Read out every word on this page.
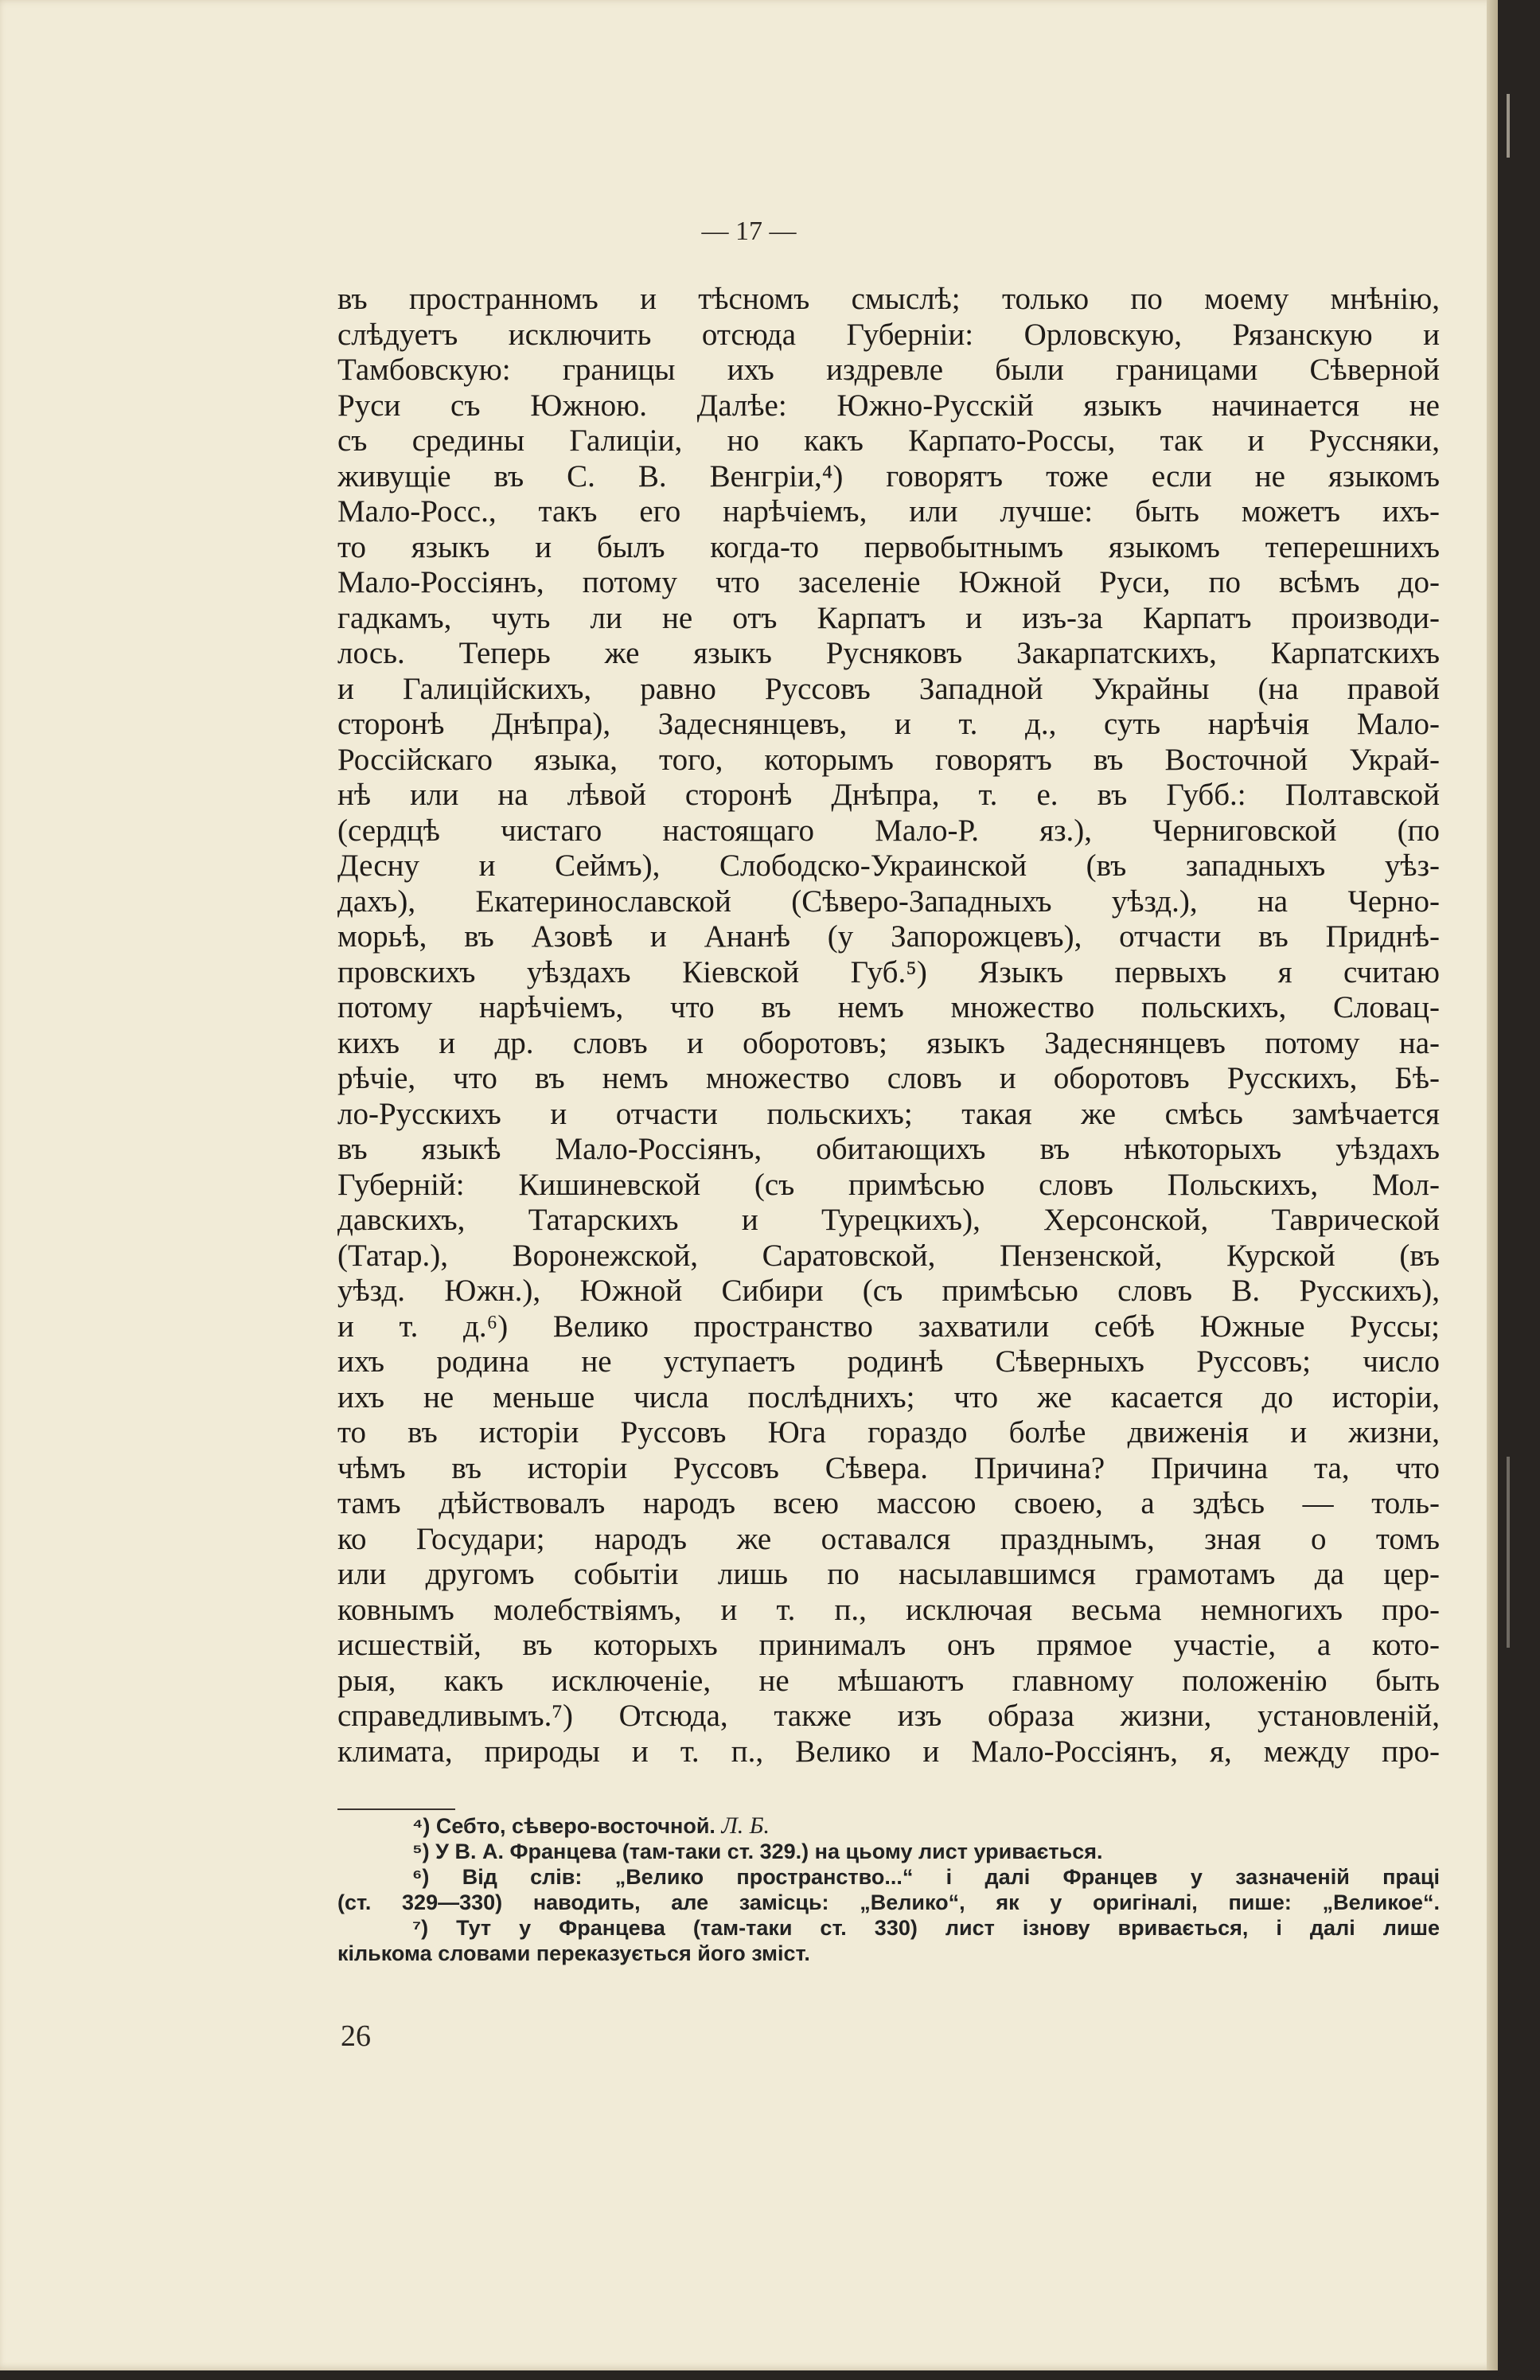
— 17 —
въ пространномъ и тѣсномъ смыслѣ; только по моему мнѣнію,
слѣдуетъ исключить отсюда Губерніи: Орловскую, Рязанскую и
Тамбовскую: границы ихъ издревле были границами Сѣверной
Руси съ Южною. Далѣе: Южно-Русскій языкъ начинается не
съ средины Галиціи, но какъ Карпато-Россы, так и Руссняки,
живущіе въ С. В. Венгріи,⁴) говорятъ тоже если не языкомъ
Мало-Росс., такъ его нарѣчіемъ, или лучше: быть можетъ ихъ-
то языкъ и былъ когда-то первобытнымъ языкомъ теперешнихъ
Мало-Россіянъ, потому что заселеніе Южной Руси, по всѣмъ до-
гадкамъ, чуть ли не отъ Карпатъ и изъ-за Карпатъ производи-
лось. Теперь же языкъ Русняковъ Закарпатскихъ, Карпатскихъ
и Галиційскихъ, равно Руссовъ Западной Украйны (на правой
сторонѣ Днѣпра), Задеснянцевъ, и т. д., суть нарѣчія Мало-
Россійскаго языка, того, которымъ говорятъ въ Восточной Украй-
нѣ или на лѣвой сторонѣ Днѣпра, т. е. въ Губб.: Полтавской
(сердцѣ чистаго настоящаго Мало-Р. яз.), Черниговской (по
Десну и Сеймъ), Слободско-Украинской (въ западныхъ уѣз-
дахъ), Екатеринославской (Сѣверо-Западныхъ уѣзд.), на Черно-
морьѣ, въ Азовѣ и Ананѣ (у Запорожцевъ), отчасти въ Приднѣ-
провскихъ уѣздахъ Кіевской Губ.⁵) Языкъ первыхъ я считаю
потому нарѣчіемъ, что въ немъ множество польскихъ, Словац-
кихъ и др. словъ и оборотовъ; языкъ Задеснянцевъ потому на-
рѣчіе, что въ немъ множество словъ и оборотовъ Русскихъ, Бѣ-
ло-Русскихъ и отчасти польскихъ; такая же смѣсь замѣчается
въ языкѣ Мало-Россіянъ, обитающихъ въ нѣкоторыхъ уѣздахъ
Губерній: Кишиневской (съ примѣсью словъ Польскихъ, Мол-
давскихъ, Татарскихъ и Турецкихъ), Херсонской, Таврической
(Татар.), Воронежской, Саратовской, Пензенской, Курской (въ
уѣзд. Южн.), Южной Сибири (съ примѣсью словъ В. Русскихъ),
и т. д.⁶) Велико пространство захватили себѣ Южные Руссы;
ихъ родина не уступаетъ родинѣ Сѣверныхъ Руссовъ; число
ихъ не меньше числа послѣднихъ; что же касается до исторіи,
то въ исторіи Руссовъ Юга гораздо болѣе движенія и жизни,
чѣмъ въ исторіи Руссовъ Сѣвера. Причина? Причина та, что
тамъ дѣйствовалъ народъ всею массою своею, а здѣсь — толь-
ко Государи; народъ же оставался празднымъ, зная о томъ
или другомъ событіи лишь по насылавшимся грамотамъ да цер-
ковнымъ молебствіямъ, и т. п., исключая весьма немногихъ про-
исшествій, въ которыхъ принималъ онъ прямое участіе, а кото-
рыя, какъ исключеніе, не мѣшаютъ главному положенію быть
справедливымъ.⁷) Отсюда, также изъ образа жизни, установленій,
климата, природы и т. п., Велико и Мало-Россіянъ, я, между про-
⁴) Себто, сѣверо-восточной. Л. Б.
⁵) У В. А. Францева (там-таки ст. 329.) на цьому лист уривається.
⁶) Від слів: „Велико пространство...“ і далі Францев у зазначеній праці
(ст. 329—330) наводить, але замісць: „Велико“, як у оригіналі, пише: „Великое“.
⁷) Тут у Францева (там-таки ст. 330) лист ізнову вривається, і далі лише
кількома словами переказується його зміст.

26
